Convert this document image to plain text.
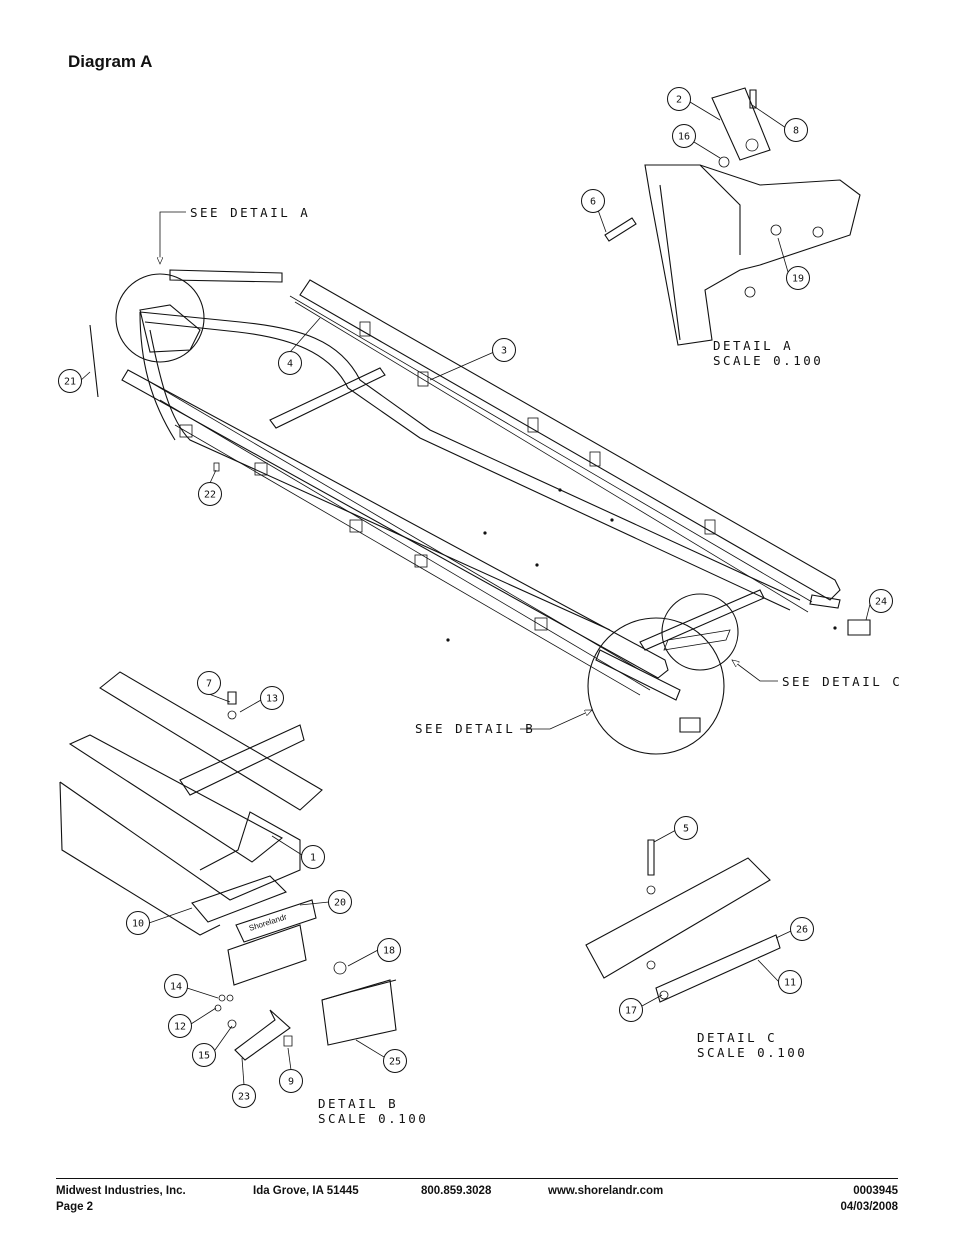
Diagram A
Shorelandr
SEE DETAIL A
SEE DETAIL B
SEE DETAIL C
DETAIL A
SCALE 0.100
DETAIL B
SCALE 0.100
DETAIL C
SCALE 0.100
2
8
16
6
19
3
4
21
22
24
7
13
1
5
20
10
26
18
11
14
17
12
15
25
9
23
Midwest Industries, Inc.
Page 2
Ida Grove, IA 51445	800.859.3028	www.shorelandr.com	0003945
04/03/2008
